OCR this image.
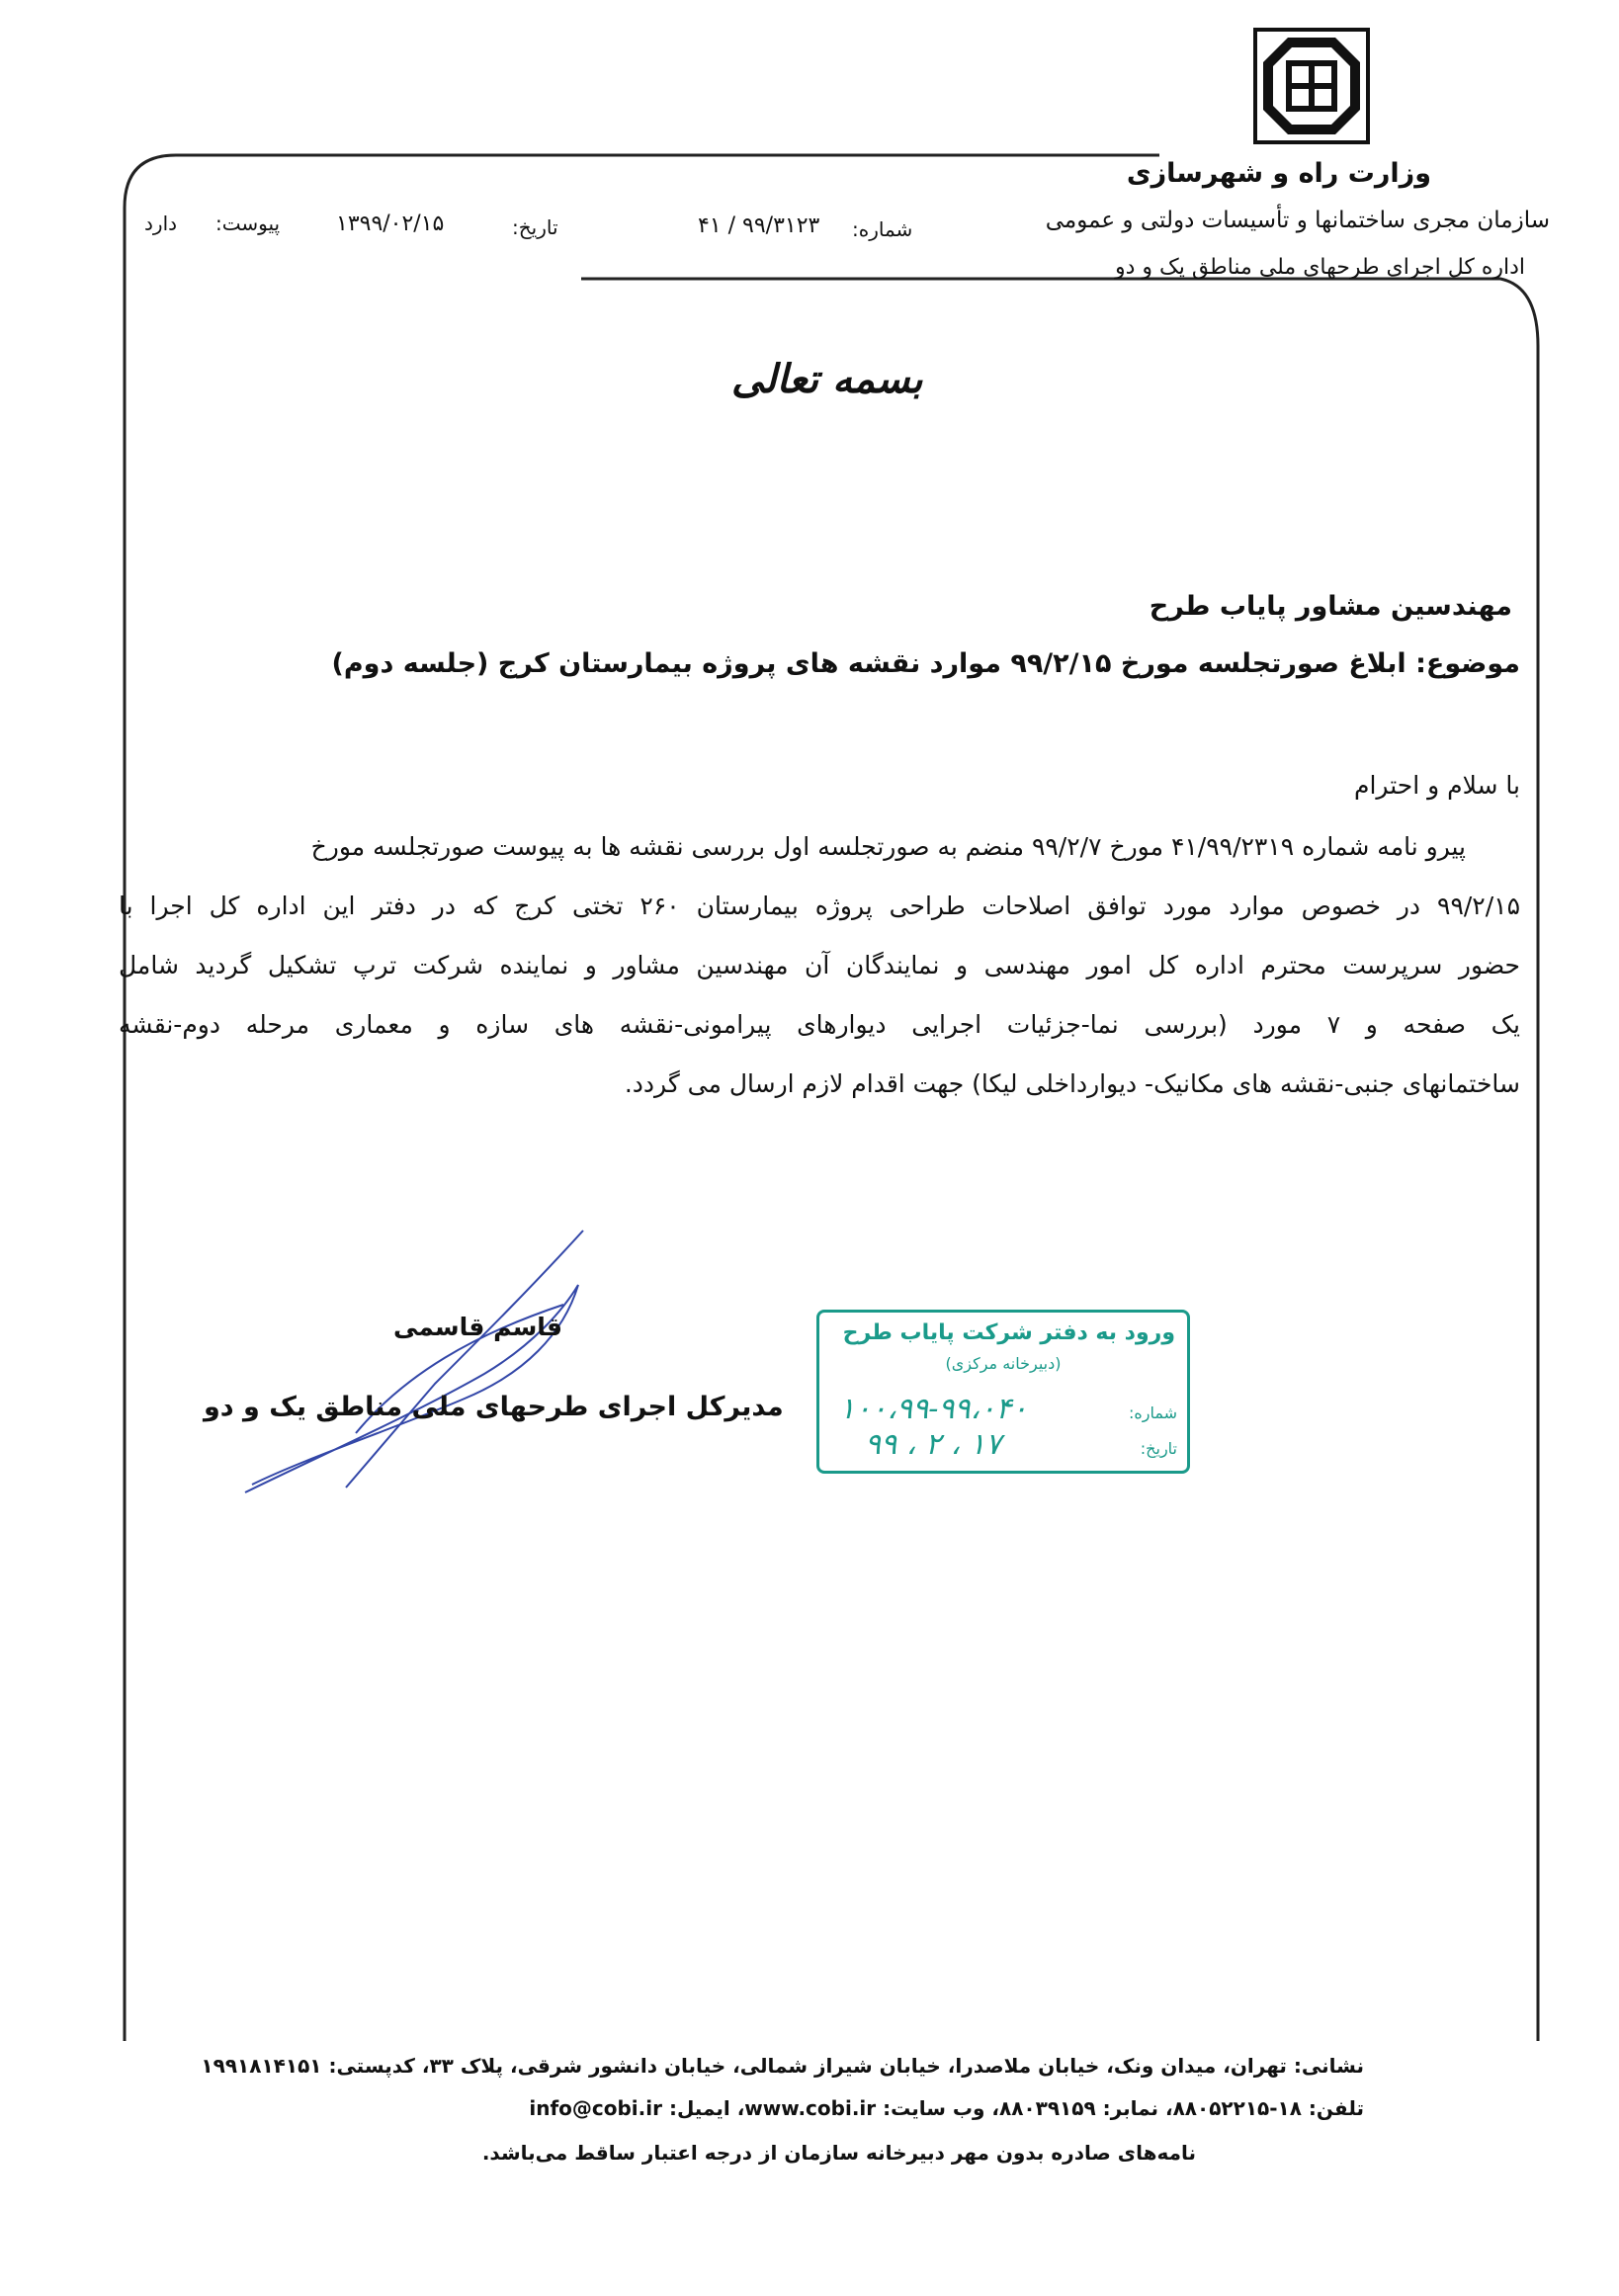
وزارت راه و شهرسازی
سازمان مجری ساختمانها و تأسیسات دولتی و عمومی
اداره کل اجرای طرحهای ملی مناطق یک و دو
شماره:
۴۱ / ۹۹/۳۱۲۳
تاریخ:
۱۳۹۹/۰۲/۱۵
پیوست:
دارد
بسمه تعالی
مهندسین مشاور پایاب طرح
موضوع: ابلاغ صورتجلسه مورخ ۹۹/۲/۱۵ موارد نقشه های پروژه بیمارستان کرج (جلسه دوم)
با سلام و احترام
پیرو نامه شماره ۴۱/۹۹/۲۳۱۹ مورخ ۹۹/۲/۷ منضم به صورتجلسه اول بررسی نقشه ها به پیوست صورتجلسه مورخ
۹۹/۲/۱۵ در خصوص موارد مورد توافق اصلاحات طراحی پروژه بیمارستان ۲۶۰ تختی کرج که در دفتر این اداره کل اجرا با
حضور سرپرست محترم اداره کل امور مهندسی و نمایندگان آن مهندسین مشاور و نماینده شرکت ترپ تشکیل گردید شامل
یک صفحه و ۷ مورد (بررسی نما-جزئیات اجرایی دیوارهای پیرامونی-نقشه های سازه و معماری مرحله دوم-نقشه
ساختمانهای جنبی-نقشه های مکانیک- دیوارداخلی لیکا) جهت اقدام لازم ارسال می گردد.
قاسم قاسمی
مدیرکل اجرای طرحهای ملی مناطق یک و دو
ورود به دفتر شرکت پایاب طرح
(دبیرخانه مرکزی)
شماره:
۱۰۰،۹۹-۹۹،۰۴۰
تاریخ:
۹۹ ، ۲ ، ۱۷
نشانی: تهران، میدان ونک، خیابان ملاصدرا، خیابان شیراز شمالی، خیابان دانشور شرقی، پلاک ۳۳، کدپستی: ۱۹۹۱۸۱۴۱۵۱
تلفن: ۱۸-۸۸۰۵۲۲۱۵، نمابر: ۸۸۰۳۹۱۵۹، وب سایت: www.cobi.ir، ایمیل: info@cobi.ir
نامه‌های صادره بدون مهر دبیرخانه سازمان از درجه اعتبار ساقط می‌باشد.
